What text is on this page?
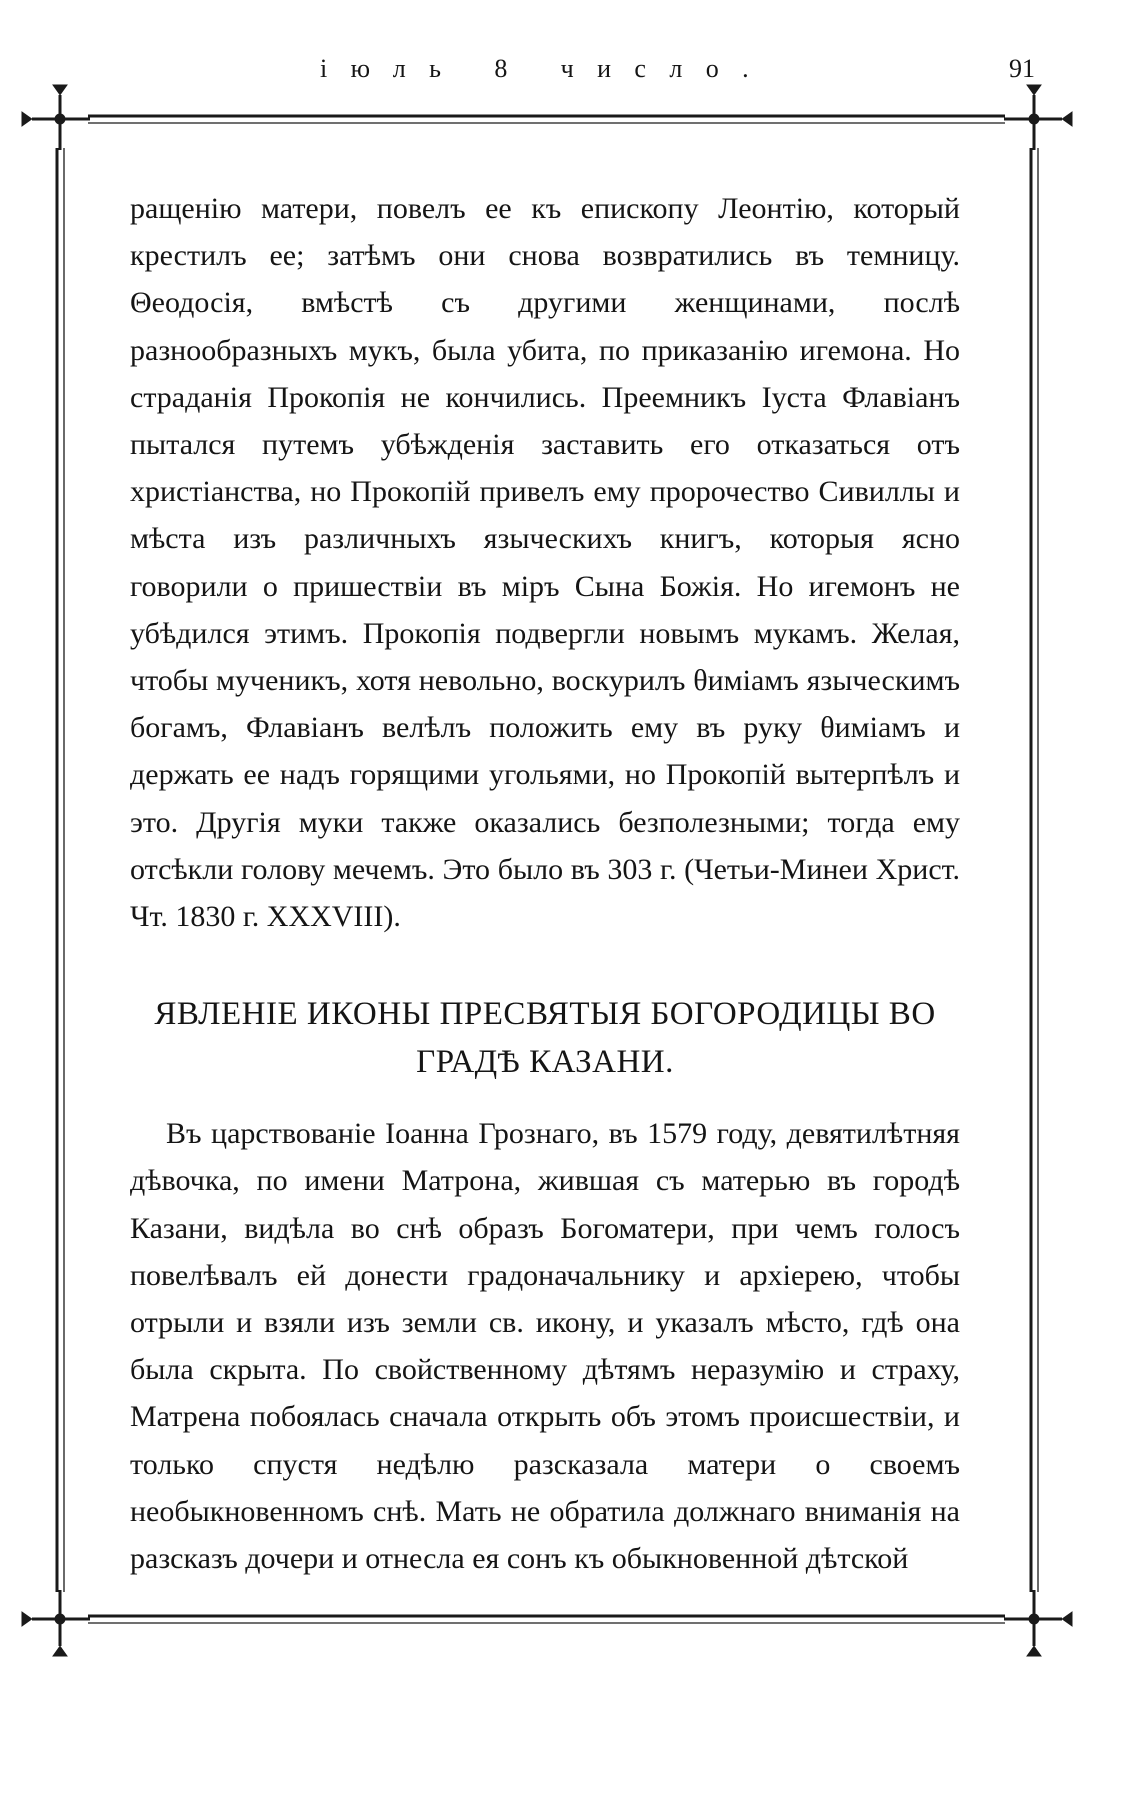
іюль 8 число.	91

ращенію матери, повелъ ее къ епископу Леонтію, который крестилъ ее; затѣмъ они снова возвратились въ темницу. Θеодосія, вмѣстѣ съ другими женщинами, послѣ разнообразныхъ мукъ, была убита, по приказанію игемона. Но страданія Прокопія не кончились. Преемникъ Іуста Флавіанъ пытался путемъ убѣжденія заставить его отказаться отъ христіанства, но Прокопій привелъ ему пророчество Сивиллы и мѣста изъ различныхъ языческихъ книгъ, которыя ясно говорили о пришествіи въ міръ Сына Божія. Но игемонъ не убѣдился этимъ. Прокопія подвергли новымъ мукамъ. Желая, чтобы мученикъ, хотя невольно, воскурилъ θиміамъ языческимъ богамъ, Флавіанъ велѣлъ положить ему въ руку θиміамъ и держать ее надъ горящими угольями, но Прокопій вытерпѣлъ и это. Другія муки также оказались безполезными; тогда ему отсѣкли голову мечемъ. Это было въ 303 г. (Четьи-Минеи Христ. Чт. 1830 г. XXXVIII).

ЯВЛЕНІЕ ИКОНЫ ПРЕСВЯТЫЯ БОГОРОДИЦЫ ВО
ГРАДѢ КАЗАНИ.

Въ царствованіе Іоанна Грознаго, въ 1579 году, девятилѣтняя дѣвочка, по имени Матрона, жившая съ матерью въ городѣ Казани, видѣла во снѣ образъ Богоматери, при чемъ голосъ повелѣвалъ ей донести градоначальнику и архіерею, чтобы отрыли и взяли изъ земли св. икону, и указалъ мѣсто, гдѣ она была скрыта. По свойственному дѣтямъ неразумію и страху, Матрена побоялась сначала открыть объ этомъ происшествіи, и только спустя недѣлю разсказала матери о своемъ необыкновенномъ снѣ. Мать не обратила должнаго вниманія на разсказъ дочери и отнесла ея сонъ къ обыкновенной дѣтской
